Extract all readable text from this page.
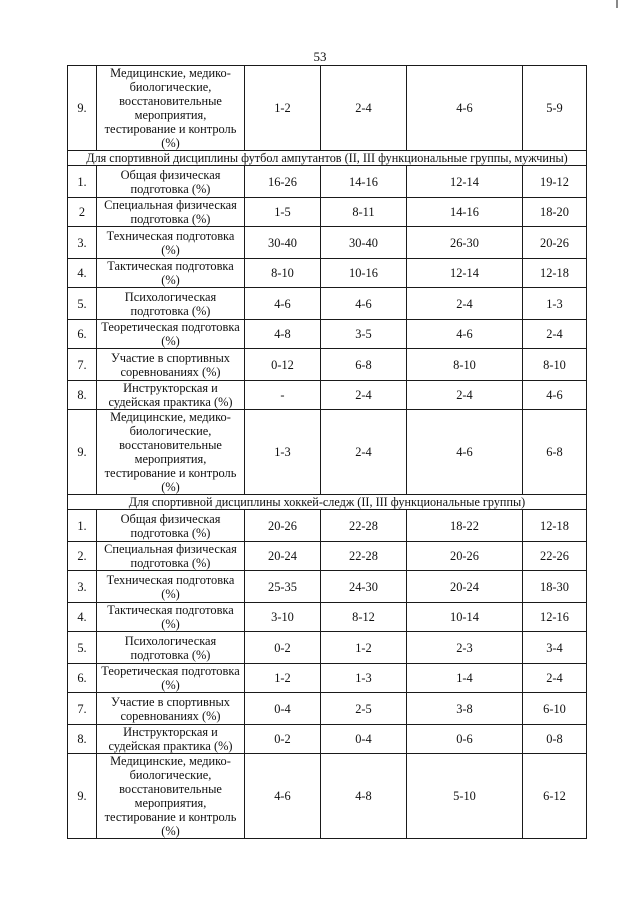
53
9.	Медицинские, медико-биологические, восстановительные мероприятия, тестирование и контроль (%)	1-2	2-4	4-6	5-9
Для спортивной дисциплины футбол ампутантов (II, III функциональные группы, мужчины)					
1.	Общая физическая подготовка (%)	16-26	14-16	12-14	19-12
2	Специальная физическая подготовка (%)	1-5	8-11	14-16	18-20
3.	Техническая подготовка (%)	30-40	30-40	26-30	20-26
4.	Тактическая подготовка (%)	8-10	10-16	12-14	12-18
5.	Психологическая подготовка (%)	4-6	4-6	2-4	1-3
6.	Теоретическая подготовка (%)	4-8	3-5	4-6	2-4
7.	Участие в спортивных соревнованиях (%)	0-12	6-8	8-10	8-10
8.	Инструкторская и судейская практика (%)	-	2-4	2-4	4-6
9.	Медицинские, медико-биологические, восстановительные мероприятия, тестирование и контроль (%)	1-3	2-4	4-6	6-8
Для спортивной дисциплины хоккей-следж (II, III функциональные группы)					
1.	Общая физическая подготовка (%)	20-26	22-28	18-22	12-18
2.	Специальная физическая подготовка (%)	20-24	22-28	20-26	22-26
3.	Техническая подготовка (%)	25-35	24-30	20-24	18-30
4.	Тактическая подготовка (%)	3-10	8-12	10-14	12-16
5.	Психологическая подготовка (%)	0-2	1-2	2-3	3-4
6.	Теоретическая подготовка (%)	1-2	1-3	1-4	2-4
7.	Участие в спортивных соревнованиях (%)	0-4	2-5	3-8	6-10
8.	Инструкторская и судейская практика (%)	0-2	0-4	0-6	0-8
9.	Медицинские, медико-биологические, восстановительные мероприятия, тестирование и контроль (%)	4-6	4-8	5-10	6-12
